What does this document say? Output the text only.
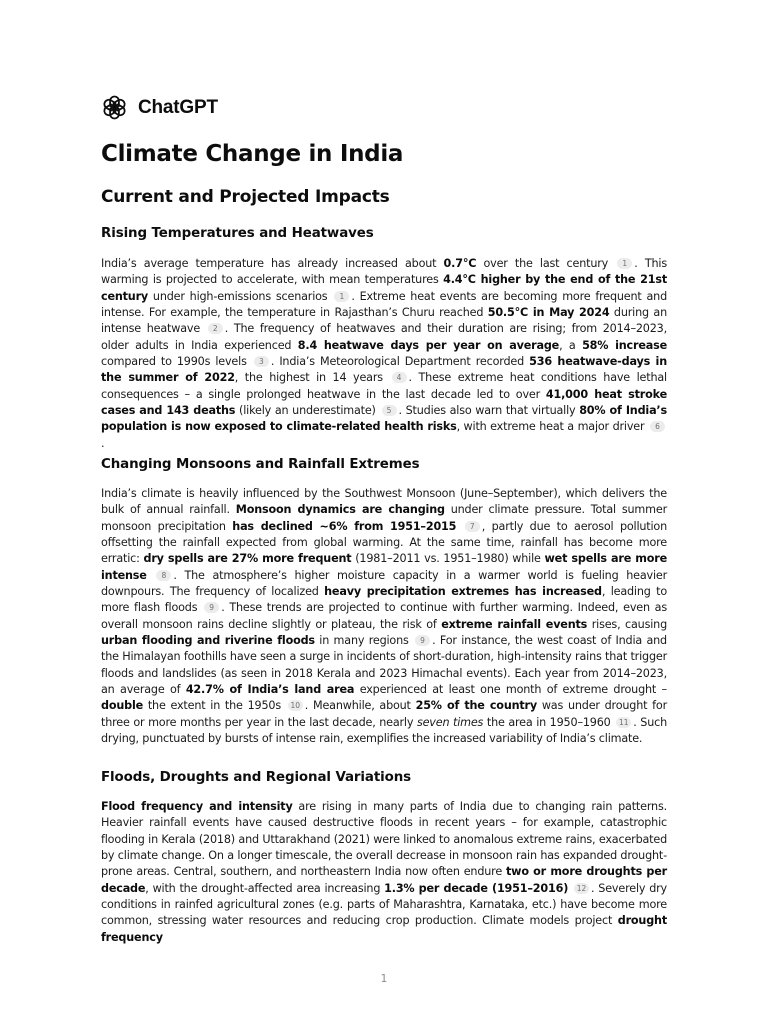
ChatGPT
Climate Change in India
Current and Projected Impacts
Rising Temperatures and Heatwaves
India’s average temperature has already increased about 0.7°C over the last century 1 . This warming is projected to accelerate, with mean temperatures 4.4°C higher by the end of the 21st century under high-emissions scenarios 1 . Extreme heat events are becoming more frequent and intense. For example, the temperature in Rajasthan’s Churu reached 50.5°C in May 2024 during an intense heatwave 2 . The frequency of heatwaves and their duration are rising; from 2014–2023, older adults in India experienced 8.4 heatwave days per year on average, a 58% increase compared to 1990s levels 3 . India’s Meteorological Department recorded 536 heatwave-days in the summer of 2022, the highest in 14 years 4 . These extreme heat conditions have lethal consequences – a single prolonged heatwave in the last decade led to over 41,000 heat stroke cases and 143 deaths (likely an underestimate) 5 . Studies also warn that virtually 80% of India’s population is now exposed to climate-related health risks, with extreme heat a major driver 6.
Changing Monsoons and Rainfall Extremes
India’s climate is heavily influenced by the Southwest Monsoon (June–September), which delivers the bulk of annual rainfall. Monsoon dynamics are changing under climate pressure. Total summer monsoon precipitation has declined ~6% from 1951–2015 7 , partly due to aerosol pollution offsetting the rainfall expected from global warming. At the same time, rainfall has become more erratic: dry spells are 27% more frequent (1981–2011 vs. 1951–1980) while wet spells are more intense 8 . The atmosphere’s higher moisture capacity in a warmer world is fueling heavier downpours. The frequency of localized heavy precipitation extremes has increased, leading to more flash floods 9 . These trends are projected to continue with further warming. Indeed, even as overall monsoon rains decline slightly or plateau, the risk of extreme rainfall events rises, causing urban flooding and riverine floods in many regions 9 . For instance, the west coast of India and the Himalayan foothills have seen a surge in incidents of short-duration, high-intensity rains that trigger floods and landslides (as seen in 2018 Kerala and 2023 Himachal events). Each year from 2014–2023, an average of 42.7% of India’s land area experienced at least one month of extreme drought – double the extent in the 1950s 10 . Meanwhile, about 25% of the country was under drought for three or more months per year in the last decade, nearly seven times the area in 1950–1960 11 . Such drying, punctuated by bursts of intense rain, exemplifies the increased variability of India’s climate.
Floods, Droughts and Regional Variations
Flood frequency and intensity are rising in many parts of India due to changing rain patterns. Heavier rainfall events have caused destructive floods in recent years – for example, catastrophic flooding in Kerala (2018) and Uttarakhand (2021) were linked to anomalous extreme rains, exacerbated by climate change. On a longer timescale, the overall decrease in monsoon rain has expanded drought-prone areas. Central, southern, and northeastern India now often endure two or more droughts per decade, with the drought-affected area increasing 1.3% per decade (1951–2016) 12 . Severely dry conditions in rainfed agricultural zones (e.g. parts of Maharashtra, Karnataka, etc.) have become more common, stressing water resources and reducing crop production. Climate models project drought frequency
1
